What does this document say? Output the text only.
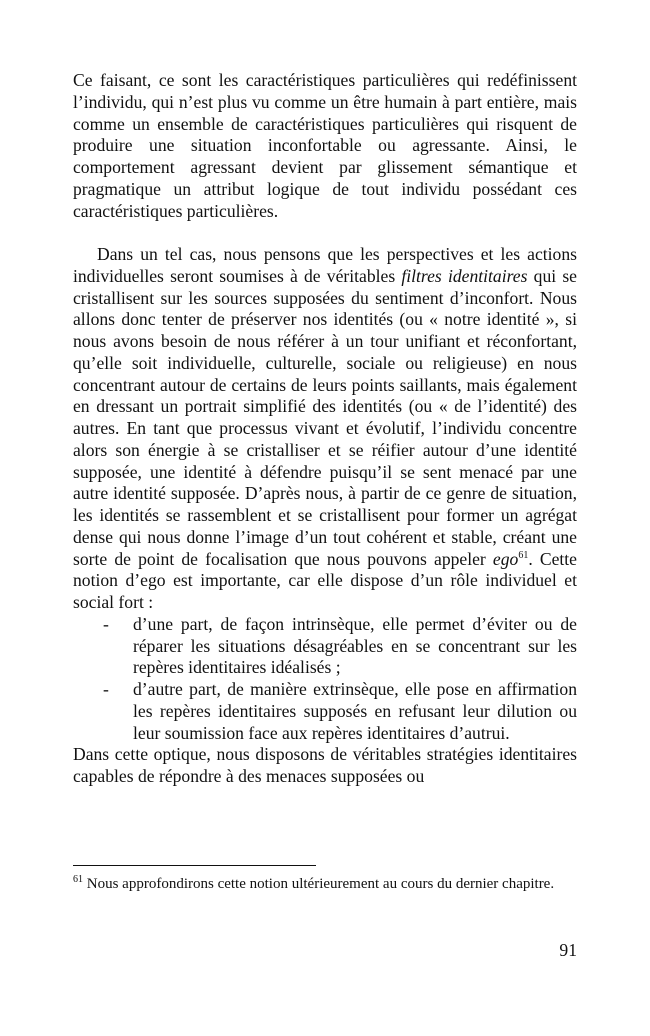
Ce faisant, ce sont les caractéristiques particulières qui redéfinissent l’individu, qui n’est plus vu comme un être humain à part entière, mais comme un ensemble de caractéristiques particulières qui risquent de produire une situation inconfortable ou agressante. Ainsi, le comportement agressant devient par glissement sémantique et pragmatique un attribut logique de tout individu possédant ces caractéristiques particulières.

Dans un tel cas, nous pensons que les perspectives et les actions individuelles seront soumises à de véritables filtres identitaires qui se cristallisent sur les sources supposées du sentiment d’inconfort. Nous allons donc tenter de préserver nos identités (ou « notre identité », si nous avons besoin de nous référer à un tour unifiant et réconfortant, qu’elle soit individuelle, culturelle, sociale ou religieuse) en nous concentrant autour de certains de leurs points saillants, mais également en dressant un portrait simplifié des identités (ou « de l’identité) des autres. En tant que processus vivant et évolutif, l’individu concentre alors son énergie à se cristalliser et se réifier autour d’une identité supposée, une identité à défendre puisqu’il se sent menacé par une autre identité supposée. D’après nous, à partir de ce genre de situation, les identités se rassemblent et se cristallisent pour former un agrégat dense qui nous donne l’image d’un tout cohérent et stable, créant une sorte de point de focalisation que nous pouvons appeler ego$^{61}$. Cette notion d’ego est importante, car elle dispose d’un rôle individuel et social fort :

- d’une part, de façon intrinsèque, elle permet d’éviter ou de réparer les situations désagréables en se concentrant sur les repères identitaires idéalisés ;
- d’autre part, de manière extrinsèque, elle pose en affirmation les repères identitaires supposés en refusant leur dilution ou leur soumission face aux repères identitaires d’autrui.

Dans cette optique, nous disposons de véritables stratégies identitaires capables de répondre à des menaces supposées ou

$^{61}$ Nous approfondirons cette notion ultérieurement au cours du dernier chapitre.

91
